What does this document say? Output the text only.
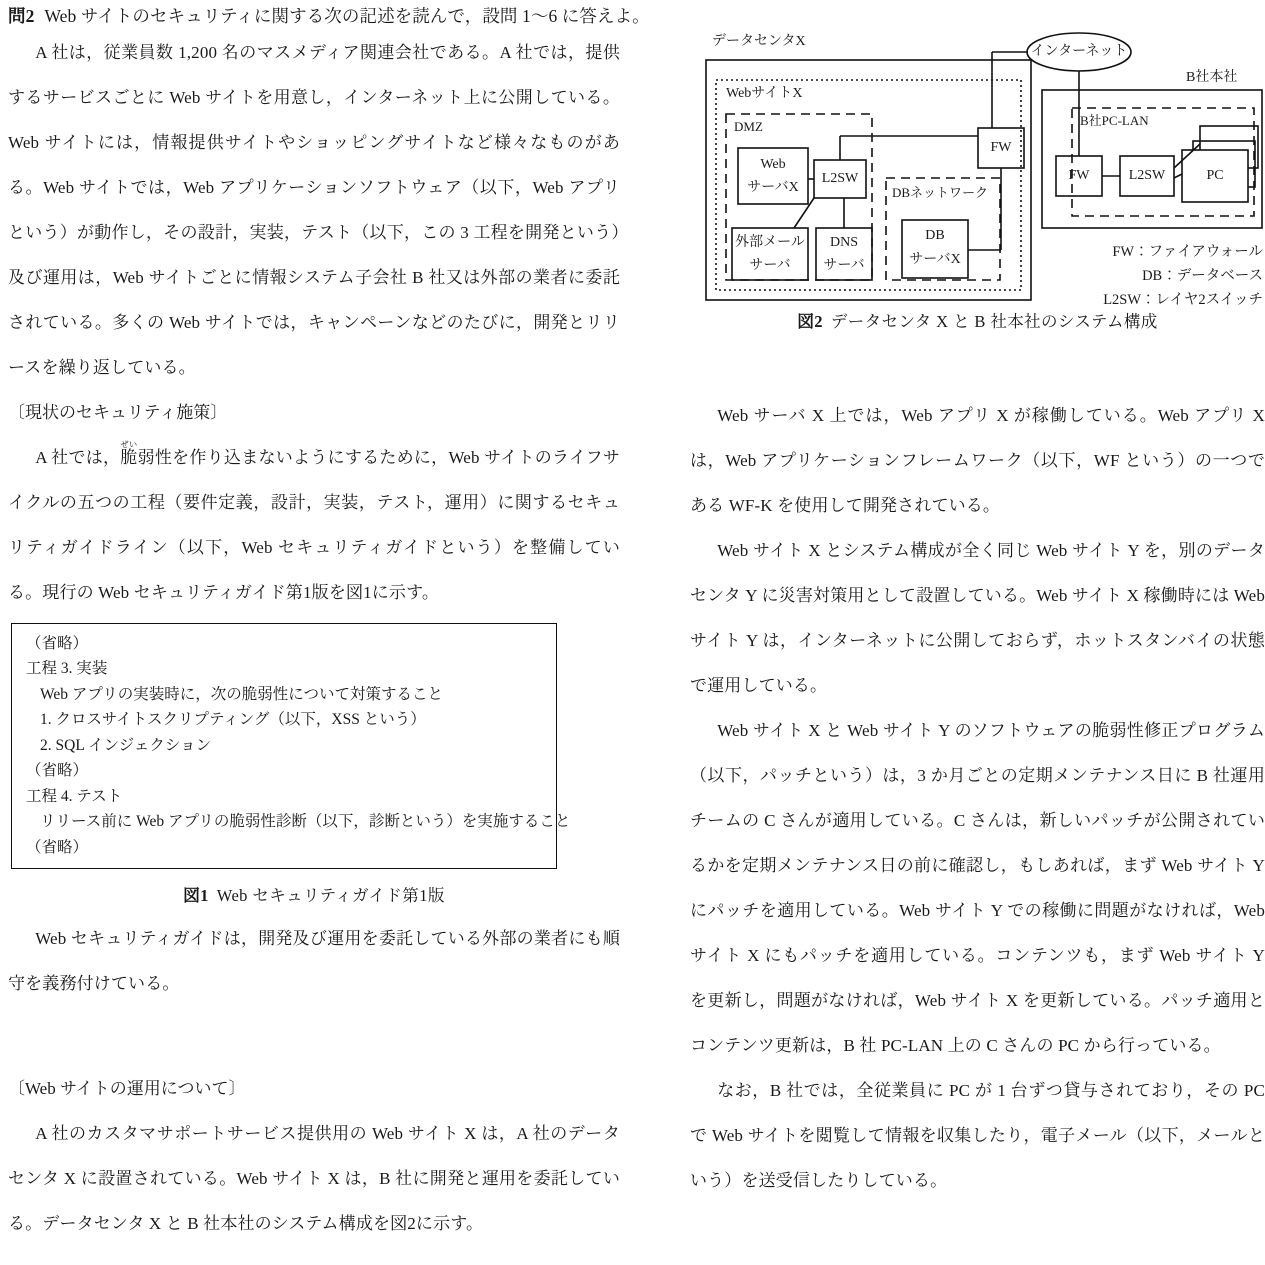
問2 Web サイトのセキュリティに関する次の記述を読んで，設問 1～6 に答えよ。

A 社は，従業員数 1,200 名のマスメディア関連会社である。A 社では，提供するサービスごとに Web サイトを用意し，インターネット上に公開している。Web サイトには，情報提供サイトやショッピングサイトなど様々なものがある。Web サイトでは，Web アプリケーションソフトウェア（以下，Web アプリという）が動作し，その設計，実装，テスト（以下，この 3 工程を開発という）及び運用は，Web サイトごとに情報システム子会社 B 社又は外部の業者に委託されている。多くの Web サイトでは，キャンペーンなどのたびに，開発とリリースを繰り返している。

〔現状のセキュリティ施策〕

A 社では，脆ぜい弱性を作り込まないようにするために，Web サイトのライフサイクルの五つの工程（要件定義，設計，実装，テスト，運用）に関するセキュリティガイドライン（以下，Web セキュリティガイドという）を整備している。現行の Web セキュリティガイド第1版を図1に示す。

（省略）
工程 3. 実装
Web アプリの実装時に，次の脆弱性について対策すること
1. クロスサイトスクリプティング（以下，XSS という）
2. SQL インジェクション
（省略）
工程 4. テスト
リリース前に Web アプリの脆弱性診断（以下，診断という）を実施すること
（省略）
図1 Web セキュリティガイド第1版

Web セキュリティガイドは，開発及び運用を委託している外部の業者にも順守を義務付けている。

〔Web サイトの運用について〕

A 社のカスタマサポートサービス提供用の Web サイト X は，A 社のデータセンタ X に設置されている。Web サイト X は，B 社に開発と運用を委託している。データセンタ X と B 社本社のシステム構成を図2に示す。

データセンタX
WebサイトX
DMZ
Web
サーバX
L2SW
外部メール
サーバ
DNS
サーバ
DBネットワーク
DB
サーバX
FW
インターネット
B社本社
B社PC-LAN
FW	L2SW	PC
FW：ファイアウォール
DB：データベース
L2SW：レイヤ2スイッチ
図2 データセンタ X と B 社本社のシステム構成

Web サーバ X 上では，Web アプリ X が稼働している。Web アプリ X は，Web アプリケーションフレームワーク（以下，WF という）の一つである WF-K を使用して開発されている。

Web サイト X とシステム構成が全く同じ Web サイト Y を，別のデータセンタ Y に災害対策用として設置している。Web サイト X 稼働時には Web サイト Y は，インターネットに公開しておらず，ホットスタンバイの状態で運用している。

Web サイト X と Web サイト Y のソフトウェアの脆弱性修正プログラム（以下，パッチという）は，3 か月ごとの定期メンテナンス日に B 社運用チームの C さんが適用している。C さんは，新しいパッチが公開されているかを定期メンテナンス日の前に確認し，もしあれば，まず Web サイト Y にパッチを適用している。Web サイト Y での稼働に問題がなければ，Web サイト X にもパッチを適用している。コンテンツも，まず Web サイト Y を更新し，問題がなければ，Web サイト X を更新している。パッチ適用とコンテンツ更新は，B 社 PC-LAN 上の C さんの PC から行っている。

なお，B 社では，全従業員に PC が 1 台ずつ貸与されており，その PC で Web サイトを閲覧して情報を収集したり，電子メール（以下，メールという）を送受信したりしている。
